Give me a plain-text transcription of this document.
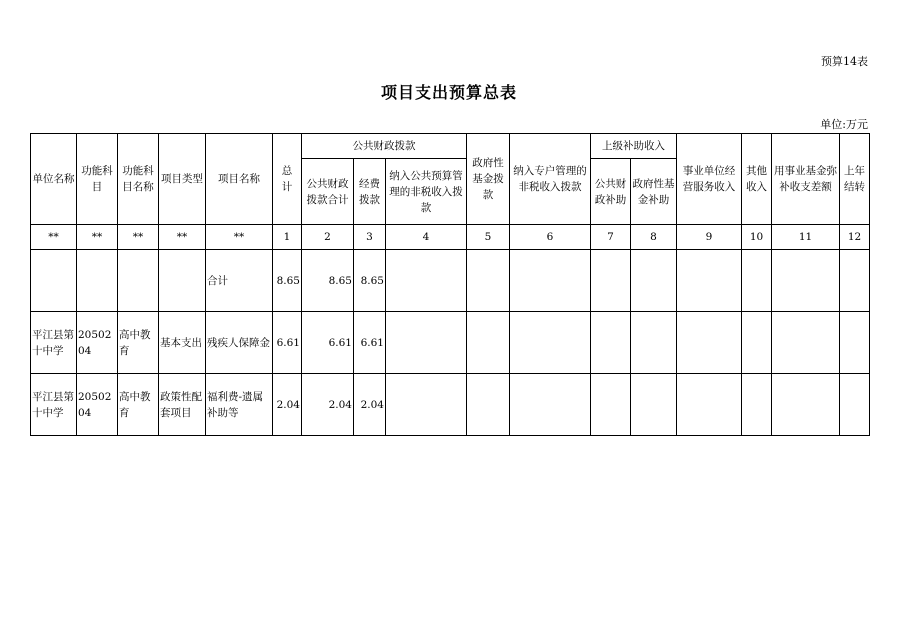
预算14表
项目支出预算总表
单位:万元
单位名称	功能科目	功能科目名称	项目类型	项目名称	总　计	公共财政拨款			政府性基金拨款	纳入专户管理的非税收入拨款	上级补助收入		事业单位经营服务收入	其他收入	用事业基金弥补收支差额	上年结转
						公共财政拨款合计	经费拨款	纳入公共预算管理的非税收入拨款			公共财政补助	政府性基金补助				
**	**	**	**	**	1	2	3	4	5	6	7	8	9	10	11	12
				合计	8.65	8.65	8.65									
平江县第十中学	2050204	高中教育	基本支出	残疾人保障金	6.61	6.61	6.61									
平江县第十中学	2050204	高中教育	政策性配套项目	福利费-遗属补助等	2.04	2.04	2.04									
